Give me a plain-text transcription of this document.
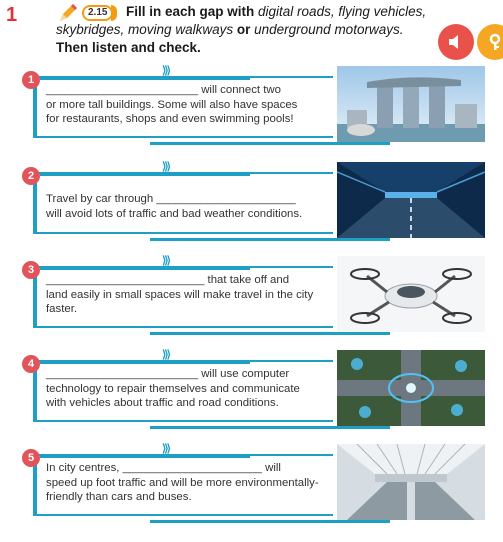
1	2.15	Fill in each gap with digital roads, flying vehicles,
skybridges, moving walkways or underground motorways.
Then listen and check.
⟩⟩⟩
1
________________________ will connect two
or more tall buildings. Some will also have spaces
for restaurants, shops and even swimming pools!
⟩⟩⟩
2
Travel by car through ______________________
will avoid lots of traffic and bad weather conditions.
⟩⟩⟩
3
_________________________ that take off and
land easily in small spaces will make travel in the city
faster.
⟩⟩⟩
4
________________________ will use computer
technology to repair themselves and communicate
with vehicles about traffic and road conditions.
⟩⟩⟩
5
In city centres, ______________________ will
speed up foot traffic and will be more environmentally-
friendly than cars and buses.
